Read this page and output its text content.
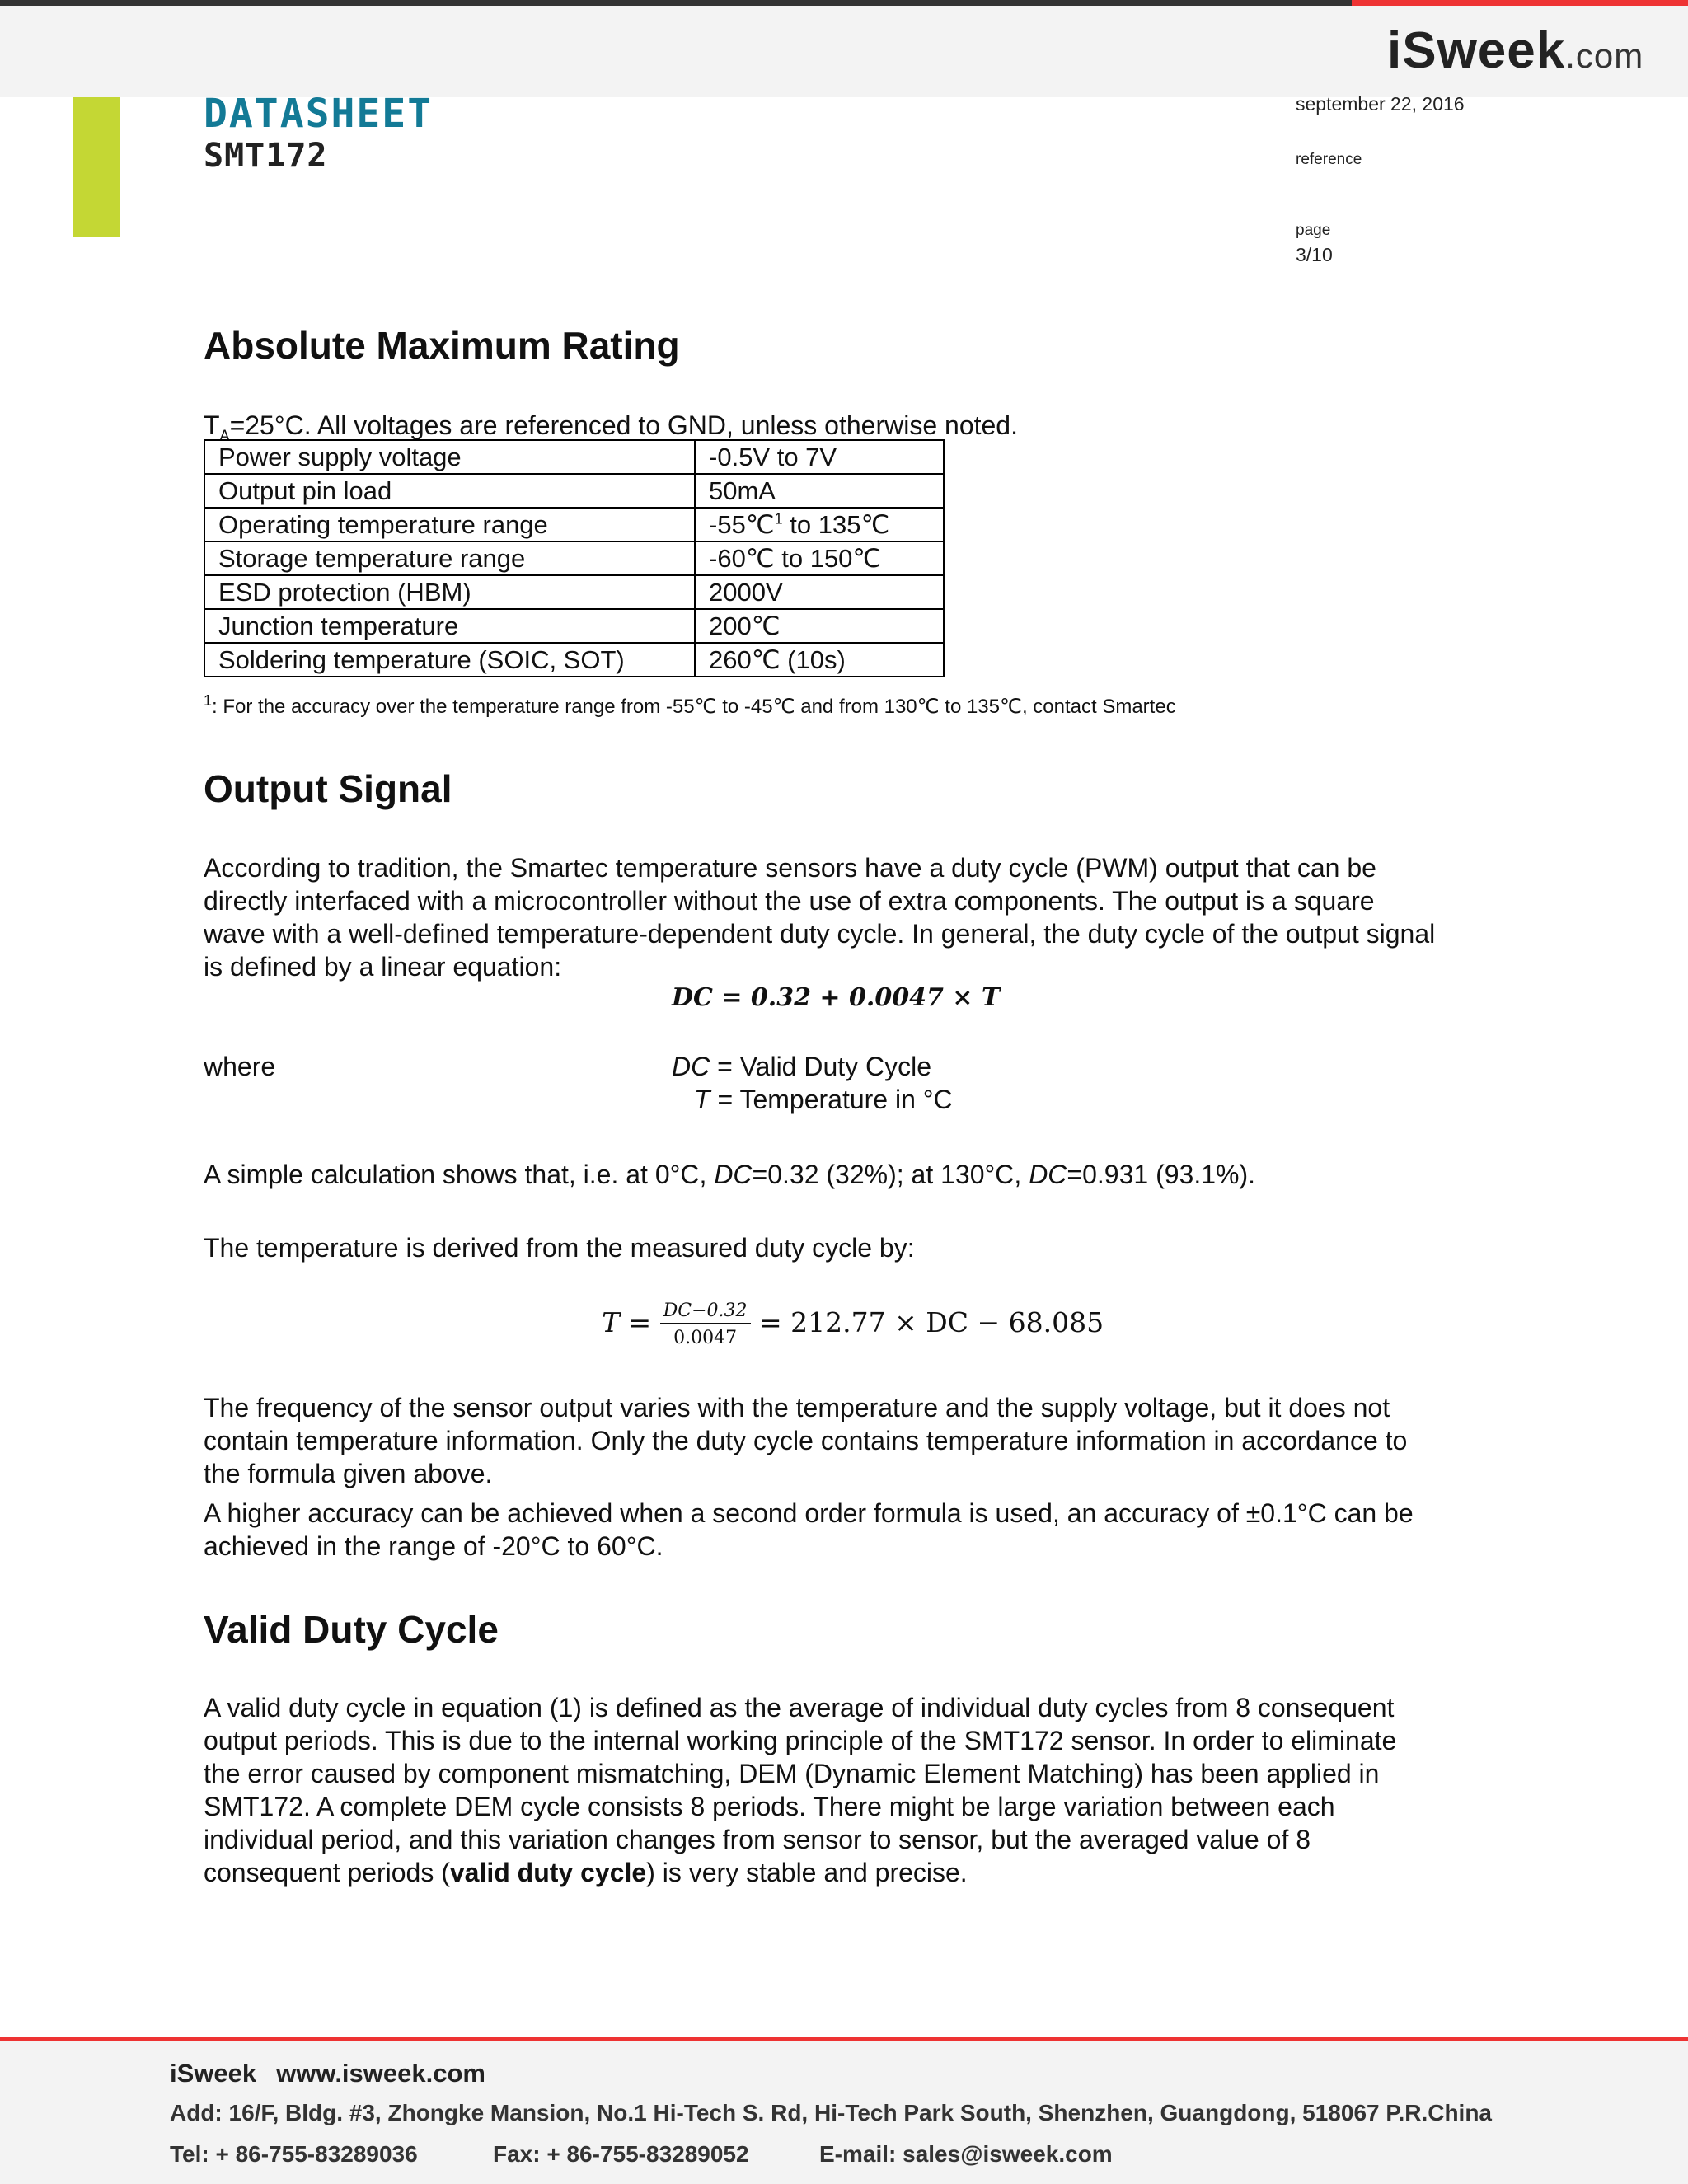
iSweek.com
DATASHEET
SMT172
september 22, 2016
reference
page
3/10
Absolute Maximum Rating
$T_A=25^\circ C$. All voltages are referenced to GND, unless otherwise noted.
Power supply voltage	-0.5V to 7V
Output pin load	50mA
Operating temperature range	-55℃$^1$ to 135℃
Storage temperature range	-60℃ to 150℃
ESD protection (HBM)	2000V
Junction temperature	200℃
Soldering temperature (SOIC, SOT)	260℃ (10s)
$^1$: For the accuracy over the temperature range from -55℃ to -45℃ and from 130℃ to 135℃, contact Smartec
Output Signal
According to tradition, the Smartec temperature sensors have a duty cycle (PWM) output that can be directly interfaced with a microcontroller without the use of extra components. The output is a square wave with a well-defined temperature-dependent duty cycle. In general, the duty cycle of the output signal is defined by a linear equation:
DC = 0.32 + 0.0047 × T
where	DC = Valid Duty Cycle
T = Temperature in °C
A simple calculation shows that, i.e. at 0°C, DC=0.32 (32%); at 130°C, DC=0.931 (93.1%).
The temperature is derived from the measured duty cycle by:
$T = \frac{DC-0.32}{0.0047} = 212.77$ × DC − 68.085
The frequency of the sensor output varies with the temperature and the supply voltage, but it does not contain temperature information. Only the duty cycle contains temperature information in accordance to the formula given above.
A higher accuracy can be achieved when a second order formula is used, an accuracy of ±0.1°C can be achieved in the range of -20°C to 60°C.
Valid Duty Cycle
A valid duty cycle in equation (1) is defined as the average of individual duty cycles from 8 consequent output periods. This is due to the internal working principle of the SMT172 sensor. In order to eliminate the error caused by component mismatching, DEM (Dynamic Element Matching) has been applied in SMT172. A complete DEM cycle consists 8 periods. There might be large variation between each individual period, and this variation changes from sensor to sensor, but the averaged value of 8 consequent periods (valid duty cycle) is very stable and precise.
iSweek www.isweek.com
Add: 16/F, Bldg. #3, Zhongke Mansion, No.1 Hi-Tech S. Rd, Hi-Tech Park South, Shenzhen, Guangdong, 518067 P.R.China
Tel: + 86-755-83289036	Fax: + 86-755-83289052	E-mail: sales@isweek.com
